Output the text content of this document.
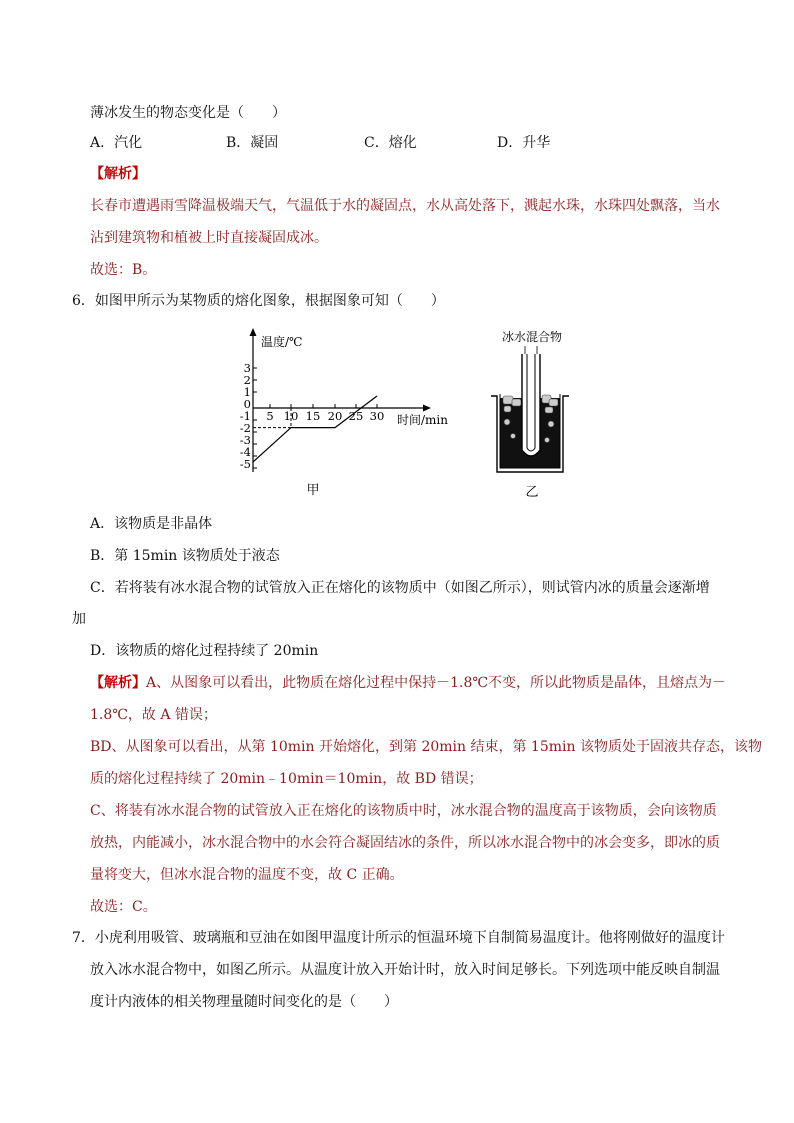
薄冰发生的物态变化是（　　）
A．汽化	B．凝固	C．熔化	D．升华
【解析】
长春市遭遇雨雪降温极端天气，气温低于水的凝固点，水从高处落下，溅起水珠，水珠四处飘落，当水
沾到建筑物和植被上时直接凝固成冰。
故选：B。
6．如图甲所示为某物质的熔化图象，根据图象可知（　　）
温度/℃
3
2
1
0
-1
-2
-3
-4
-5
5 10 15 20 25 30 时间/min
甲
冰水混合物
乙
A．该物质是非晶体
B．第 15min 该物质处于液态
C．若将装有冰水混合物的试管放入正在熔化的该物质中（如图乙所示），则试管内冰的质量会逐渐增
加
D．该物质的熔化过程持续了 20min
【解析】A、从图象可以看出，此物质在熔化过程中保持－1.8℃不变，所以此物质是晶体，且熔点为－
1.8℃，故 A 错误；
BD、从图象可以看出，从第 10min 开始熔化，到第 20min 结束，第 15min 该物质处于固液共存态，该物
质的熔化过程持续了 20min﹣10min＝10min，故 BD 错误；
C、将装有冰水混合物的试管放入正在熔化的该物质中时，冰水混合物的温度高于该物质，会向该物质
放热，内能减小，冰水混合物中的水会符合凝固结冰的条件，所以冰水混合物中的冰会变多，即冰的质
量将变大，但冰水混合物的温度不变，故 C 正确。
故选：C。
7．小虎利用吸管、玻璃瓶和豆油在如图甲温度计所示的恒温环境下自制简易温度计。他将刚做好的温度计
放入冰水混合物中，如图乙所示。从温度计放入开始计时，放入时间足够长。下列选项中能反映自制温
度计内液体的相关物理量随时间变化的是（　　）
